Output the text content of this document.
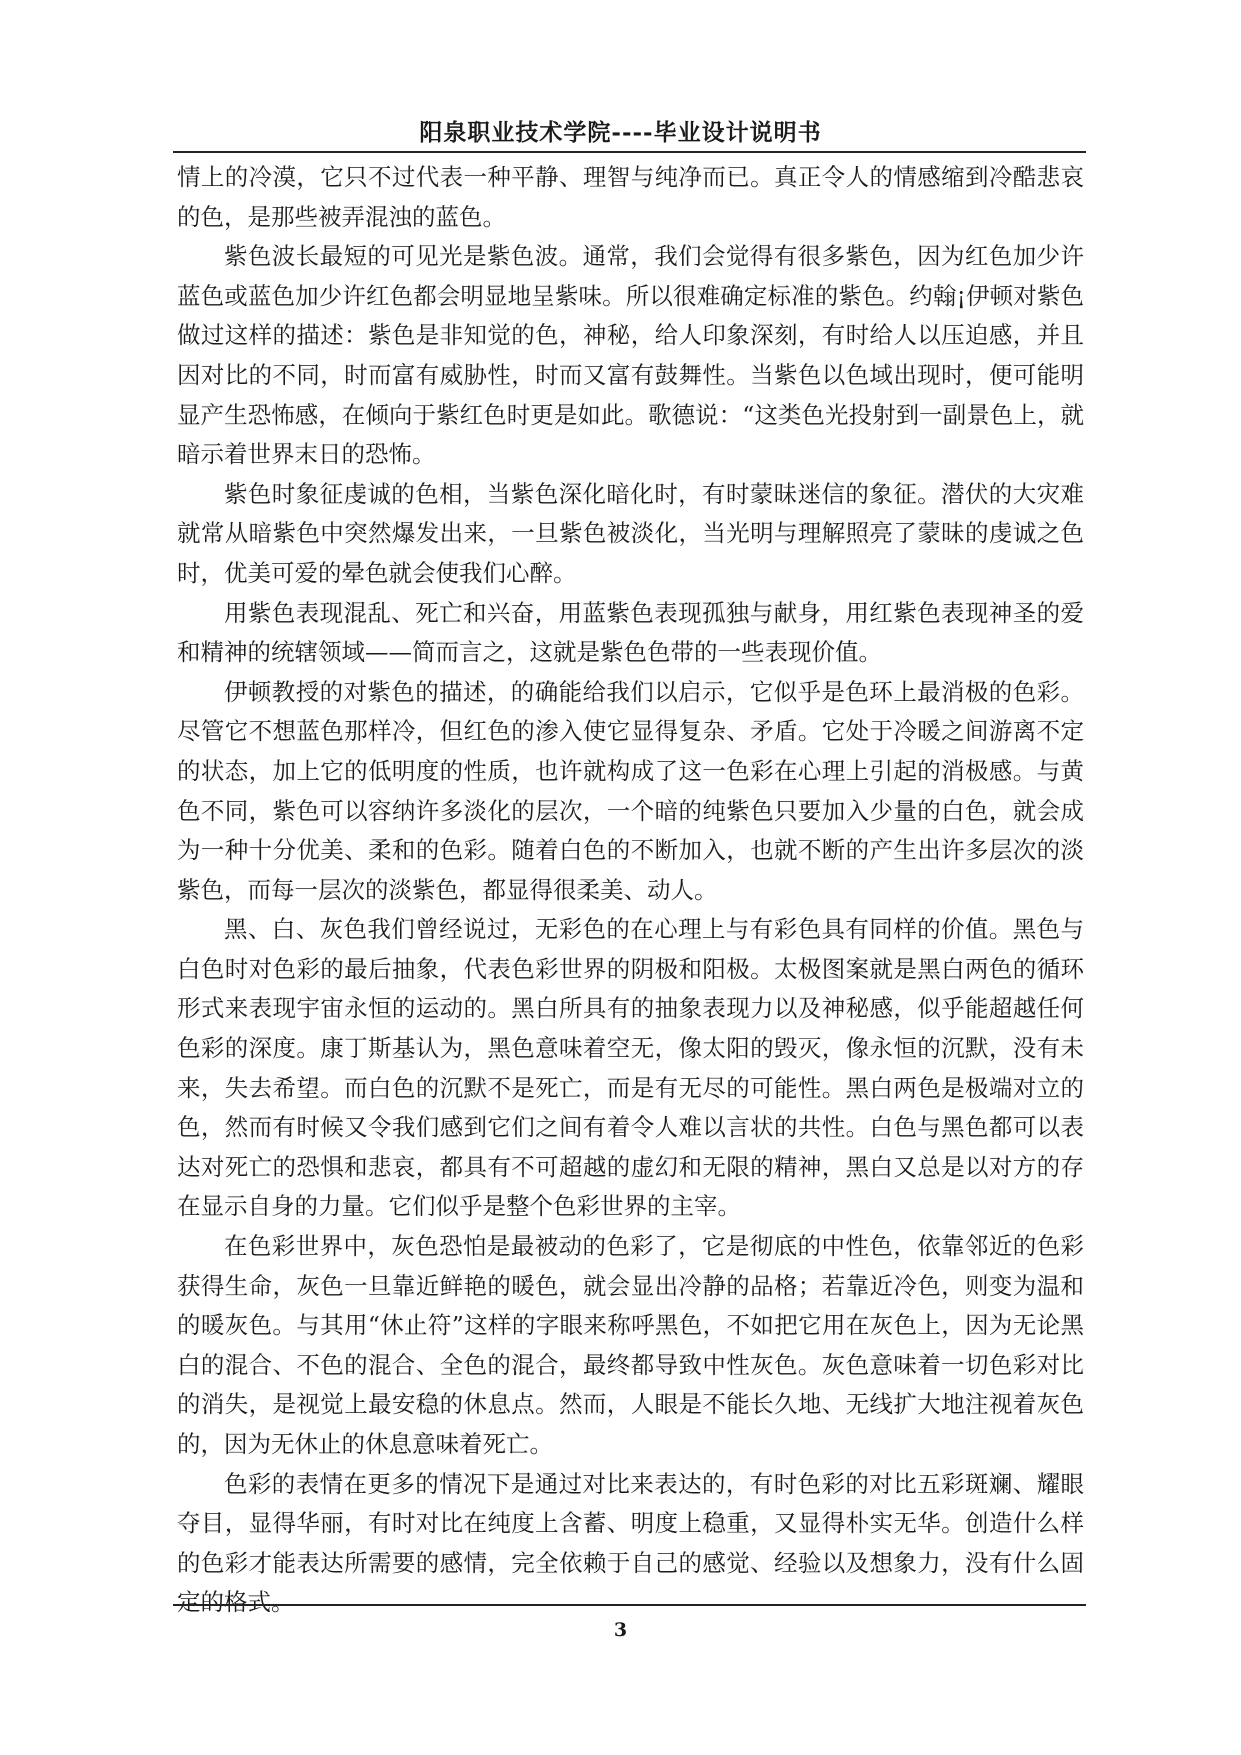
阳泉职业技术学院----毕业设计说明书

情上的冷漠，它只不过代表一种平静、理智与纯净而已。真正令人的情感缩到冷酷悲哀的色，是那些被弄混浊的蓝色。

紫色波长最短的可见光是紫色波。通常，我们会觉得有很多紫色，因为红色加少许蓝色或蓝色加少许红色都会明显地呈紫味。所以很难确定标准的紫色。约翰¡伊顿对紫色做过这样的描述：紫色是非知觉的色，神秘，给人印象深刻，有时给人以压迫感，并且因对比的不同，时而富有威胁性，时而又富有鼓舞性。当紫色以色域出现时，便可能明显产生恐怖感，在倾向于紫红色时更是如此。歌德说：“这类色光投射到一副景色上，就暗示着世界末日的恐怖。

紫色时象征虔诚的色相，当紫色深化暗化时，有时蒙昧迷信的象征。潜伏的大灾难就常从暗紫色中突然爆发出来，一旦紫色被淡化，当光明与理解照亮了蒙昧的虔诚之色时，优美可爱的晕色就会使我们心醉。

用紫色表现混乱、死亡和兴奋，用蓝紫色表现孤独与献身，用红紫色表现神圣的爱和精神的统辖领域——简而言之，这就是紫色色带的一些表现价值。

伊顿教授的对紫色的描述，的确能给我们以启示，它似乎是色环上最消极的色彩。尽管它不想蓝色那样冷，但红色的渗入使它显得复杂、矛盾。它处于冷暖之间游离不定的状态，加上它的低明度的性质，也许就构成了这一色彩在心理上引起的消极感。与黄色不同，紫色可以容纳许多淡化的层次，一个暗的纯紫色只要加入少量的白色，就会成为一种十分优美、柔和的色彩。随着白色的不断加入，也就不断的产生出许多层次的淡紫色，而每一层次的淡紫色，都显得很柔美、动人。

黑、白、灰色我们曾经说过，无彩色的在心理上与有彩色具有同样的价值。黑色与白色时对色彩的最后抽象，代表色彩世界的阴极和阳极。太极图案就是黑白两色的循环形式来表现宇宙永恒的运动的。黑白所具有的抽象表现力以及神秘感，似乎能超越任何色彩的深度。康丁斯基认为，黑色意味着空无，像太阳的毁灭，像永恒的沉默，没有未来，失去希望。而白色的沉默不是死亡，而是有无尽的可能性。黑白两色是极端对立的色，然而有时候又令我们感到它们之间有着令人难以言状的共性。白色与黑色都可以表达对死亡的恐惧和悲哀，都具有不可超越的虚幻和无限的精神，黑白又总是以对方的存在显示自身的力量。它们似乎是整个色彩世界的主宰。

在色彩世界中，灰色恐怕是最被动的色彩了，它是彻底的中性色，依靠邻近的色彩获得生命，灰色一旦靠近鲜艳的暖色，就会显出冷静的品格；若靠近冷色，则变为温和的暖灰色。与其用“休止符”这样的字眼来称呼黑色，不如把它用在灰色上，因为无论黑白的混合、不色的混合、全色的混合，最终都导致中性灰色。灰色意味着一切色彩对比的消失，是视觉上最安稳的休息点。然而，人眼是不能长久地、无线扩大地注视着灰色的，因为无休止的休息意味着死亡。

色彩的表情在更多的情况下是通过对比来表达的，有时色彩的对比五彩斑斓、耀眼夺目，显得华丽，有时对比在纯度上含蓄、明度上稳重，又显得朴实无华。创造什么样的色彩才能表达所需要的感情，完全依赖于自己的感觉、经验以及想象力，没有什么固定的格式。

3
